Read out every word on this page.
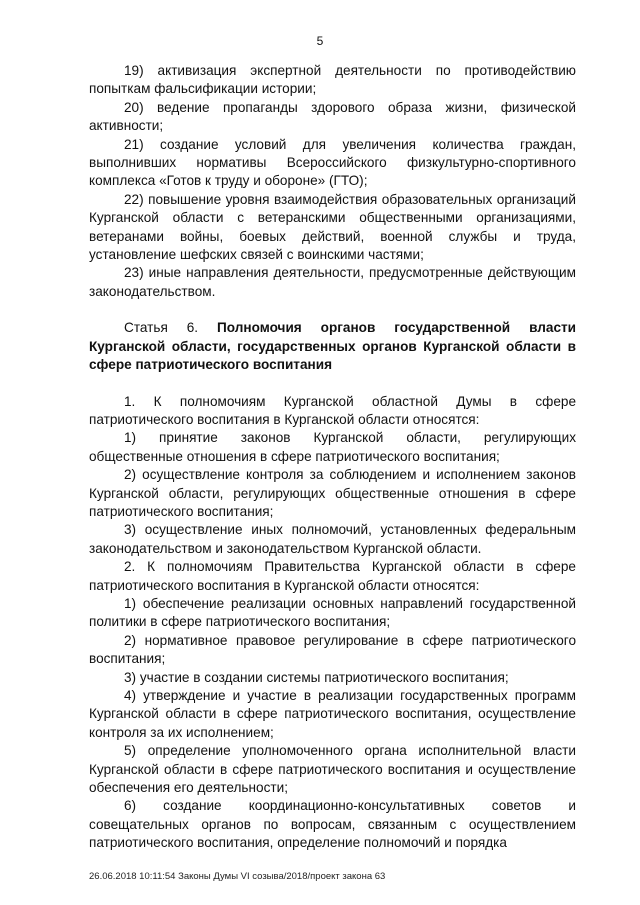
5

19) активизация экспертной деятельности по противодействию попыткам фальсификации истории;

20) ведение пропаганды здорового образа жизни, физической активности;

21) создание условий для увеличения количества граждан, выполнивших нормативы Всероссийского физкультурно-спортивного комплекса «Готов к труду и обороне» (ГТО);

22) повышение уровня взаимодействия образовательных организаций Курганской области с ветеранскими общественными организациями, ветеранами войны, боевых действий, военной службы и труда, установление шефских связей с воинскими частями;

23) иные направления деятельности, предусмотренные действующим законодательством.

Статья 6. Полномочия органов государственной власти Курганской области, государственных органов Курганской области в сфере патриотического воспитания

1. К полномочиям Курганской областной Думы в сфере патриотического воспитания в Курганской области относятся:

1) принятие законов Курганской области, регулирующих общественные отношения в сфере патриотического воспитания;

2) осуществление контроля за соблюдением и исполнением законов Курганской области, регулирующих общественные отношения в сфере патриотического воспитания;

3) осуществление иных полномочий, установленных федеральным законодательством и законодательством Курганской области.

2. К полномочиям Правительства Курганской области в сфере патриотического воспитания в Курганской области относятся:

1) обеспечение реализации основных направлений государственной политики в сфере патриотического воспитания;

2) нормативное правовое регулирование в сфере патриотического воспитания;

3) участие в создании системы патриотического воспитания;

4) утверждение и участие в реализации государственных программ Курганской области в сфере патриотического воспитания, осуществление контроля за их исполнением;

5) определение уполномоченного органа исполнительной власти Курганской области в сфере патриотического воспитания и осуществление обеспечения его деятельности;

6) создание координационно-консультативных советов и совещательных органов по вопросам, связанным с осуществлением патриотического воспитания, определение полномочий и порядка

26.06.2018 10:11:54 Законы Думы VI созыва/2018/проект закона 63
